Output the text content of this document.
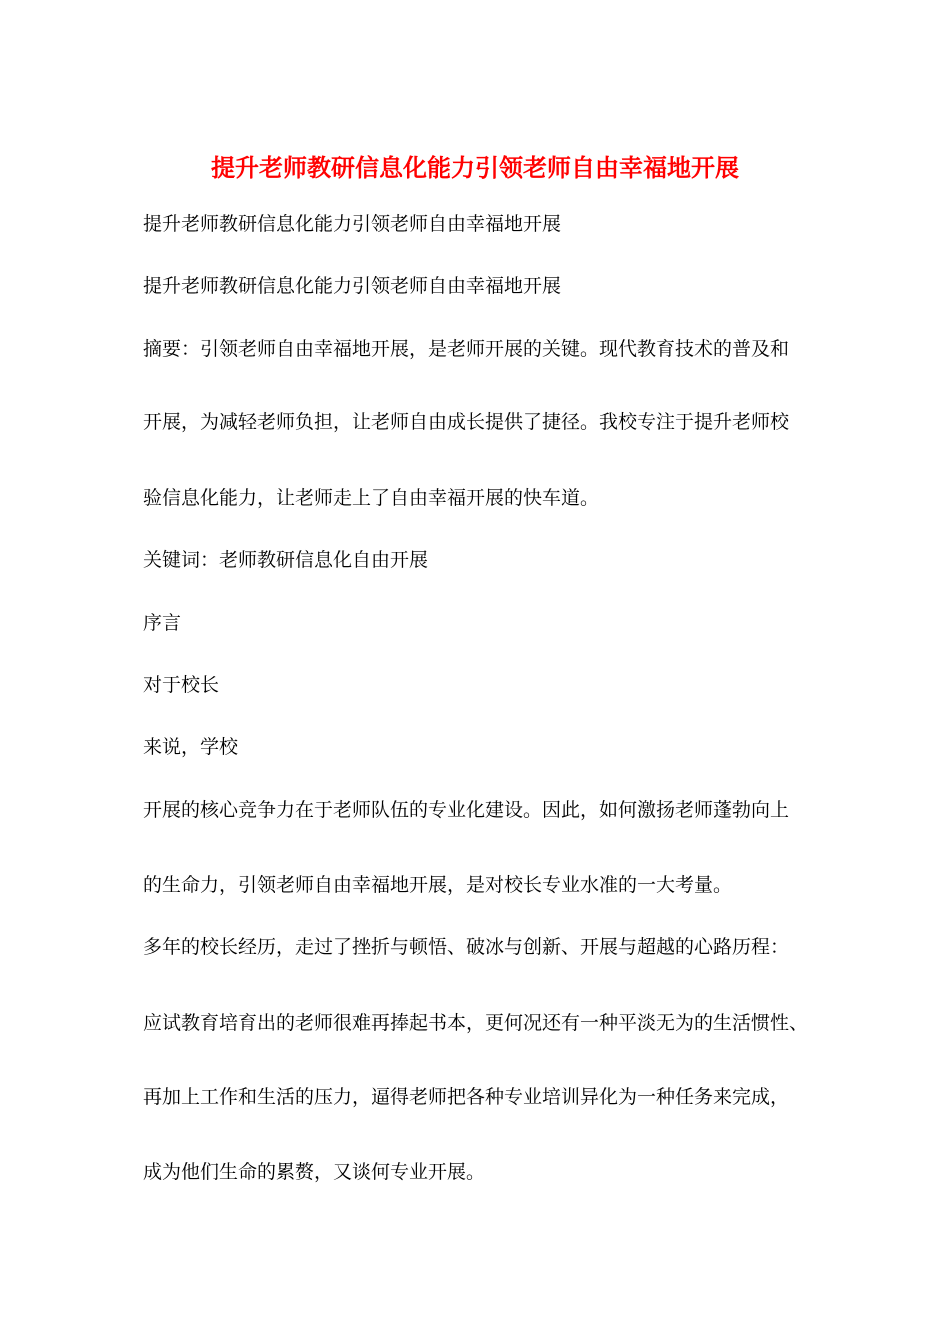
提升老师教研信息化能力引领老师自由幸福地开展
提升老师教研信息化能力引领老师自由幸福地开展
提升老师教研信息化能力引领老师自由幸福地开展
摘要：引领老师自由幸福地开展，是老师开展的关键。现代教育技术的普及和
开展，为减轻老师负担，让老师自由成长提供了捷径。我校专注于提升老师校
验信息化能力，让老师走上了自由幸福开展的快车道。
关键词：老师教研信息化自由开展
序言
对于校长
来说，学校
开展的核心竞争力在于老师队伍的专业化建设。因此，如何激扬老师蓬勃向上
的生命力，引领老师自由幸福地开展，是对校长专业水准的一大考量。
多年的校长经历，走过了挫折与顿悟、破冰与创新、开展与超越的心路历程：
应试教育培育出的老师很难再捧起书本，更何况还有一种平淡无为的生活惯性、
再加上工作和生活的压力，逼得老师把各种专业培训异化为一种任务来完成，
成为他们生命的累赘，又谈何专业开展。
